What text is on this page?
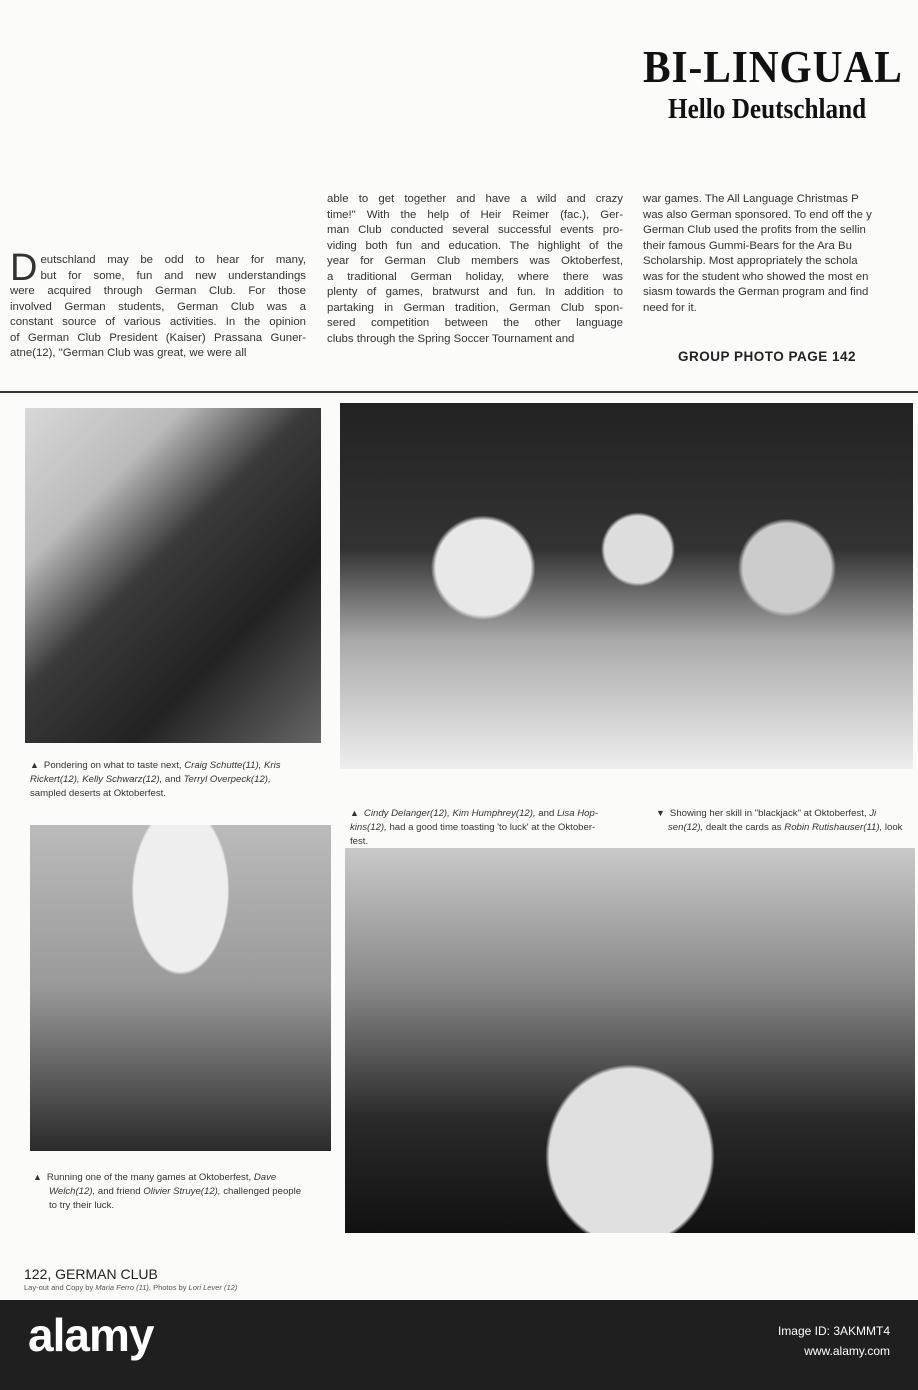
BI-LINGUAL
Hello Deutschland
D eutschland may be odd to hear for many,
but for some, fun and new understandings
were acquired through German Club. For those
involved German students, German Club was a
constant source of various activities. In the opinion
of German Club President (Kaiser) Prassana Guner-
atne(12), "German Club was great, we were all
able to get together and have a wild and crazy
time!" With the help of Heir Reimer (fac.), Ger-
man Club conducted several successful events pro-
viding both fun and education. The highlight of the
year for German Club members was Oktoberfest,
a traditional German holiday, where there was
plenty of games, bratwurst and fun. In addition to
partaking in German tradition, German Club spon-
sered competition between the other language
clubs through the Spring Soccer Tournament and
war games. The All Language Christmas P
was also German sponsored. To end off the y
German Club used the profits from the sellin
their famous Gummi-Bears for the Ara Bu
Scholarship. Most appropriately the schola
was for the student who showed the most en
siasm towards the German program and find
need for it.
GROUP PHOTO PAGE 142
▲ Pondering on what to taste next, Craig Schutte(11), Kris
Rickert(12), Kelly Schwarz(12), and Terryl Overpeck(12),
sampled deserts at Oktoberfest.
▲ Cindy Delanger(12), Kim Humphrey(12), and Lisa Hop-
kins(12), had a good time toasting 'to luck' at the Oktober-
fest.
▼ Showing her skill in "blackjack" at Oktoberfest, Ji
sen(12), dealt the cards as Robin Rutishauser(11), look
▲ Running one of the many games at Oktoberfest, Dave
Welch(12), and friend Olivier Struye(12), challenged people
to try their luck.
122, GERMAN CLUB
Lay-out and Copy by Maria Ferro (11), Photos by Lori Lever (12)
alamy	Image ID: 3AKMMT4
www.alamy.com
